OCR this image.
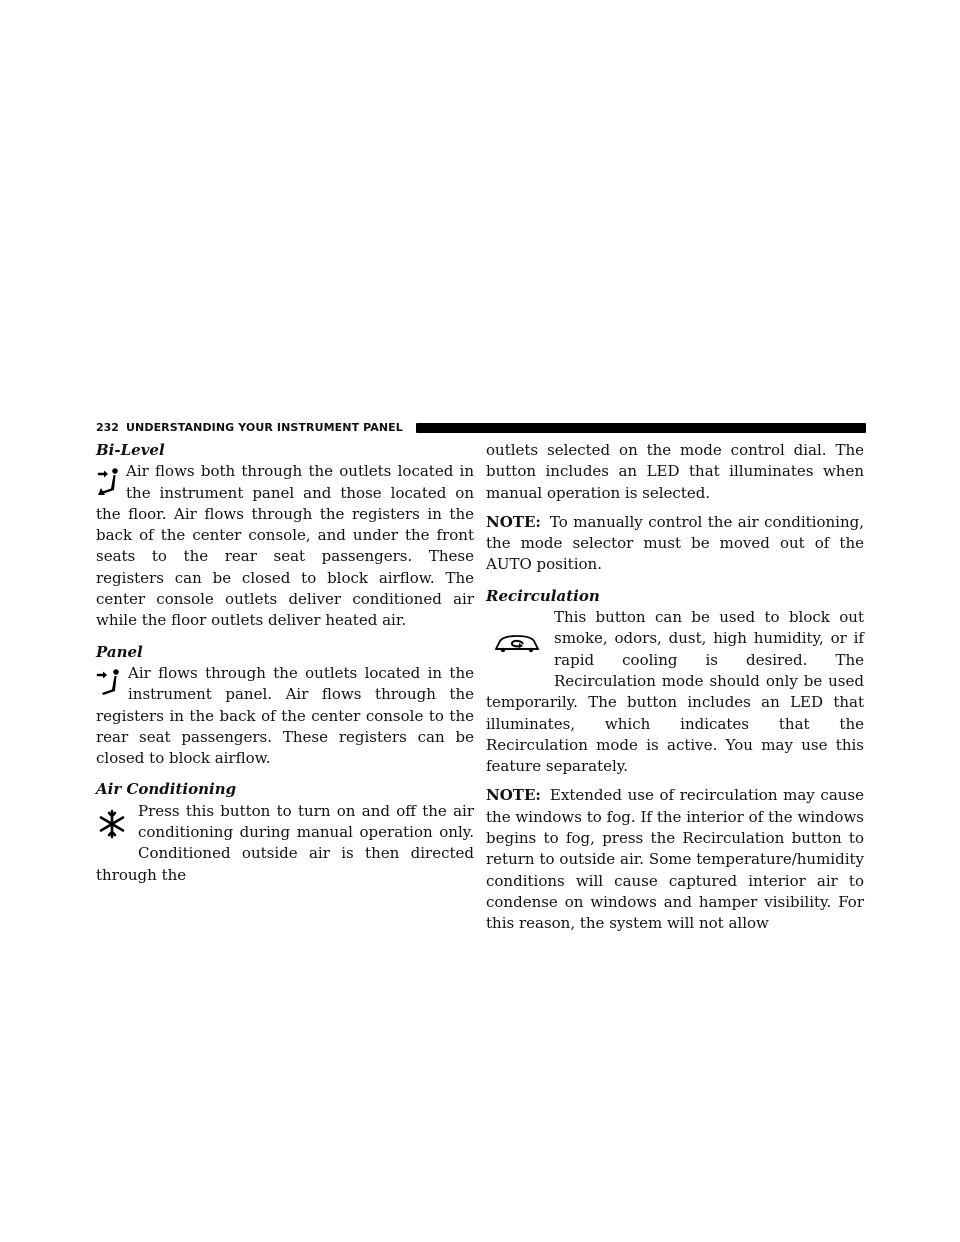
232 UNDERSTANDING YOUR INSTRUMENT PANEL

Bi-Level

Air flows both through the outlets located in the instrument panel and those located on the floor. Air flows through the registers in the back of the center console, and under the front seats to the rear seat passengers. These registers can be closed to block airflow. The center console outlets deliver conditioned air while the floor outlets deliver heated air.

Panel

Air flows through the outlets located in the instrument panel. Air flows through the registers in the back of the center console to the rear seat passengers. These registers can be closed to block airflow.

Air Conditioning

Press this button to turn on and off the air conditioning during manual operation only. Conditioned outside air is then directed through the

outlets selected on the mode control dial. The button includes an LED that illuminates when manual operation is selected.

NOTE: To manually control the air conditioning, the mode selector must be moved out of the AUTO position.

Recirculation

This button can be used to block out smoke, odors, dust, high humidity, or if rapid cooling is desired. The Recirculation mode should only be used temporarily. The button includes an LED that illuminates, which indicates that the Recirculation mode is active. You may use this feature separately.

NOTE: Extended use of recirculation may cause the windows to fog. If the interior of the windows begins to fog, press the Recirculation button to return to outside air. Some temperature/humidity conditions will cause captured interior air to condense on windows and hamper visibility. For this reason, the system will not allow
